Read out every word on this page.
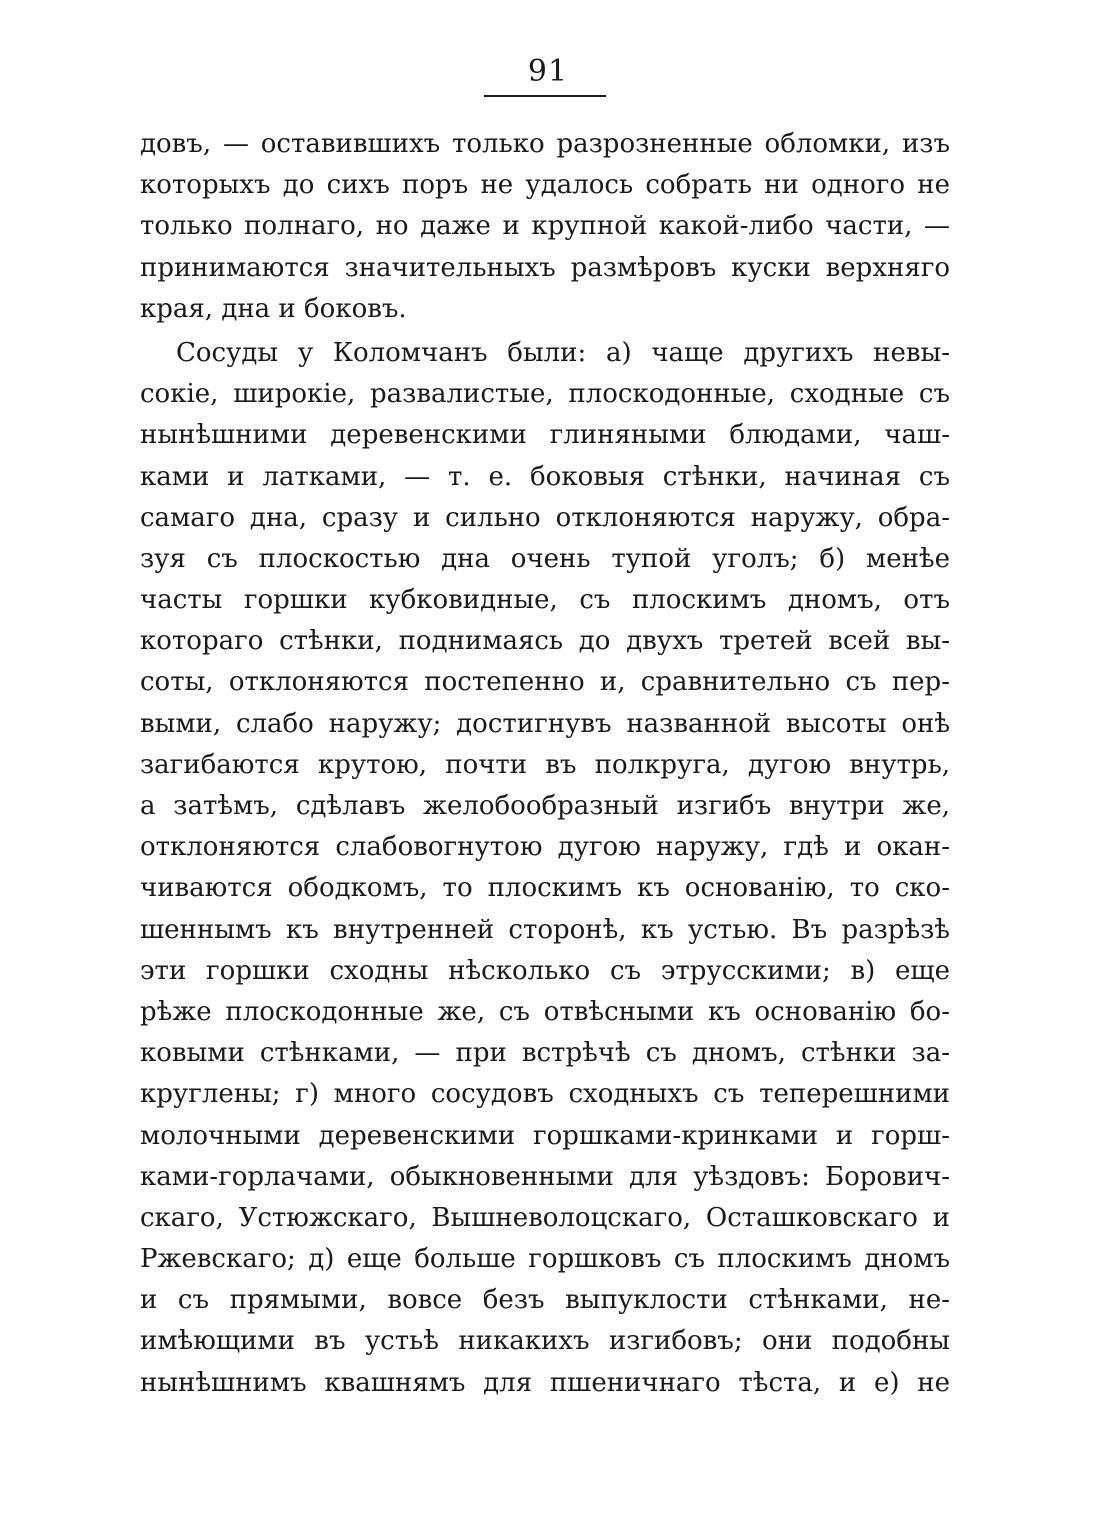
91
довъ, — оставившихъ только разрозненные обломки, изъ
которыхъ до сихъ поръ не удалось собрать ни одного не
только полнаго, но даже и крупной какой-либо части, —
принимаются значительныхъ размѣровъ куски верхняго
края, дна и боковъ.
Сосуды у Коломчанъ были: а) чаще другихъ невы-
сокіе, широкіе, развалистые, плоскодонные, сходные съ
нынѣшними деревенскими глиняными блюдами, чаш-
ками и латками, — т. е. боковыя стѣнки, начиная съ
самаго дна, сразу и сильно отклоняются наружу, обра-
зуя съ плоскостью дна очень тупой уголъ; б) менѣе
часты горшки кубковидные, съ плоскимъ дномъ, отъ
котораго стѣнки, поднимаясь до двухъ третей всей вы-
соты, отклоняются постепенно и, сравнительно съ пер-
выми, слабо наружу; достигнувъ названной высоты онѣ
загибаются крутою, почти въ полкруга, дугою внутрь,
а затѣмъ, сдѣлавъ желобообразный изгибъ внутри же,
отклоняются слабовогнутою дугою наружу, гдѣ и окан-
чиваются ободкомъ, то плоскимъ къ основанію, то ско-
шеннымъ къ внутренней сторонѣ, къ устью. Въ разрѣзѣ
эти горшки сходны нѣсколько съ этрусскими; в) еще
рѣже плоскодонные же, съ отвѣсными къ основанію бо-
ковыми стѣнками, — при встрѣчѣ съ дномъ, стѣнки за-
круглены; г) много сосудовъ сходныхъ съ теперешними
молочными деревенскими горшками-кринками и горш-
ками-горлачами, обыкновенными для уѣздовъ: Борович-
скаго, Устюжскаго, Вышневолоцскаго, Осташковскаго и
Ржевскаго; д) еще больше горшковъ съ плоскимъ дномъ
и съ прямыми, вовсе безъ выпуклости стѣнками, не-
имѣющими въ устьѣ никакихъ изгибовъ; они подобны
нынѣшнимъ квашнямъ для пшеничнаго тѣста, и е) не
